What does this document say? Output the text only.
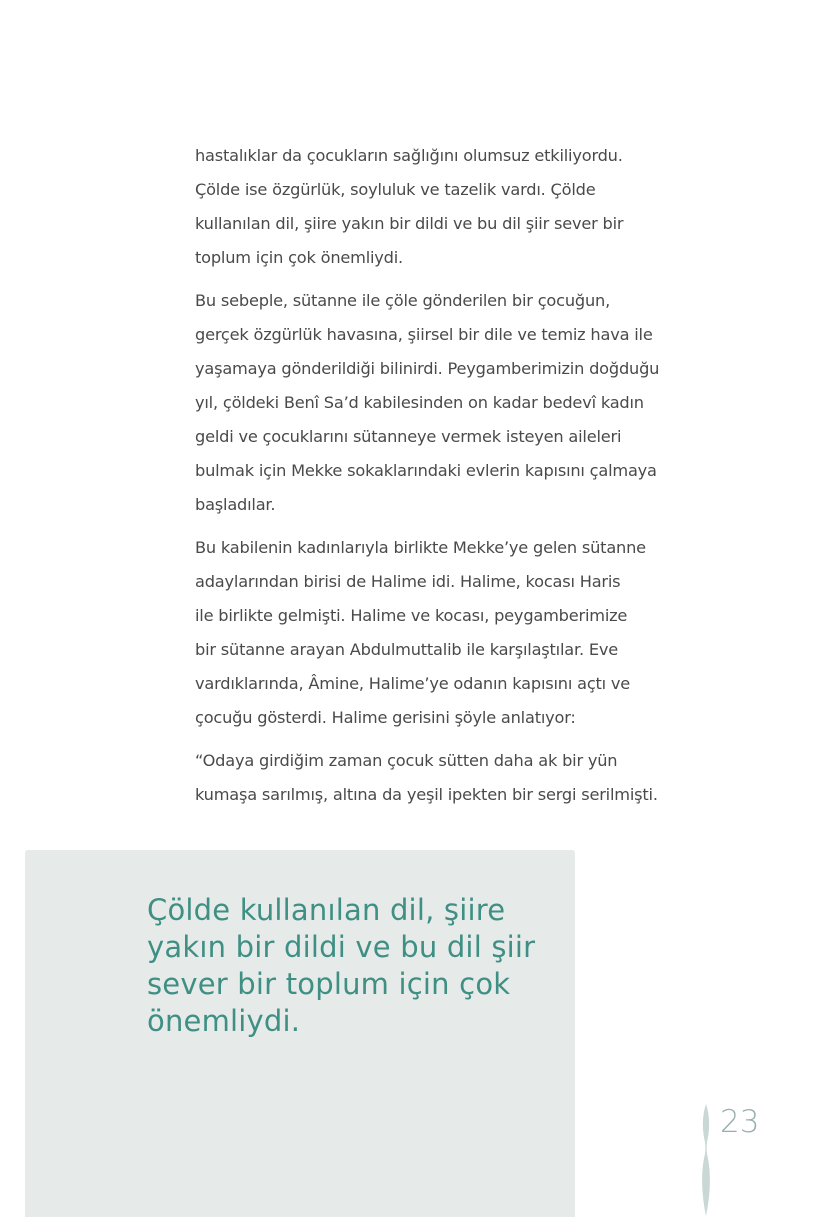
hastalıklar da çocukların sağlığını olumsuz etkiliyordu.
Çölde ise özgürlük, soyluluk ve tazelik vardı. Çölde
kullanılan dil, şiire yakın bir dildi ve bu dil şiir sever bir
toplum için çok önemliydi.
Bu sebeple, sütanne ile çöle gönderilen bir çocuğun,
gerçek özgürlük havasına, şiirsel bir dile ve temiz hava ile
yaşamaya gönderildiği bilinirdi. Peygamberimizin doğduğu
yıl, çöldeki Benî Sa’d kabilesinden on kadar bedevî kadın
geldi ve çocuklarını sütanneye vermek isteyen aileleri
bulmak için Mekke sokaklarındaki evlerin kapısını çalmaya
başladılar.
Bu kabilenin kadınlarıyla birlikte Mekke’ye gelen sütanne
adaylarından birisi de Halime idi. Halime, kocası Haris
ile birlikte gelmişti. Halime ve kocası, peygamberimize
bir sütanne arayan Abdulmuttalib ile karşılaştılar. Eve
vardıklarında, Âmine, Halime’ye odanın kapısını açtı ve
çocuğu gösterdi. Halime gerisini şöyle anlatıyor:
“Odaya girdiğim zaman çocuk sütten daha ak bir yün
kumaşa sarılmış, altına da yeşil ipekten bir sergi serilmişti.
Çölde kullanılan dil, şiire
yakın bir dildi ve bu dil şiir
sever bir toplum için çok
önemliydi.
23
